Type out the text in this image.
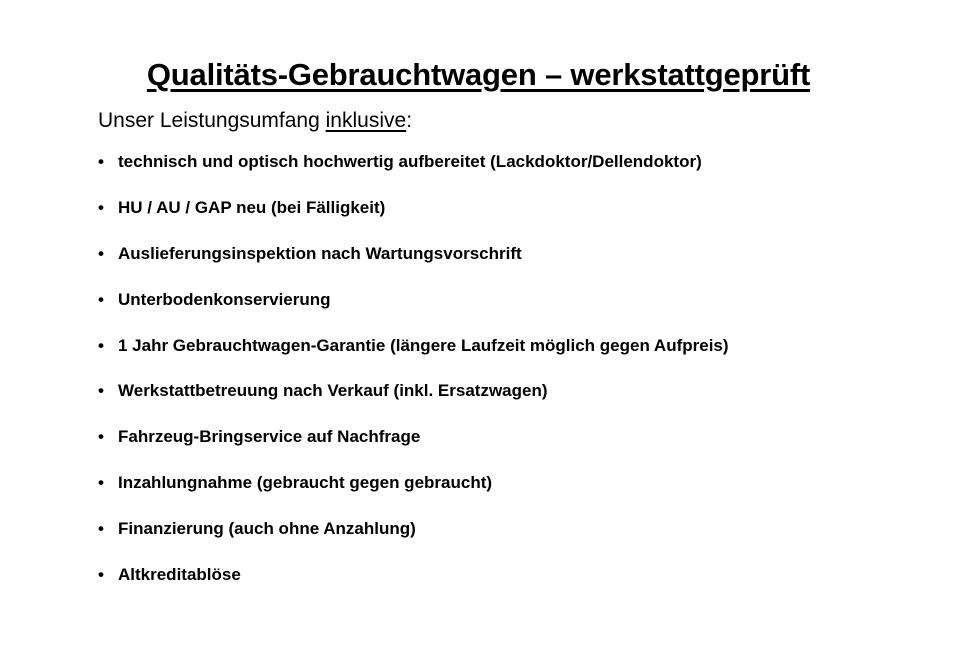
Qualitäts-Gebrauchtwagen – werkstattgeprüft
Unser Leistungsumfang inklusive:
• technisch und optisch hochwertig aufbereitet (Lackdoktor/Dellendoktor)
• HU / AU / GAP neu (bei Fälligkeit)
• Auslieferungsinspektion nach Wartungsvorschrift
• Unterbodenkonservierung
• 1 Jahr Gebrauchtwagen-Garantie (längere Laufzeit möglich gegen Aufpreis)
• Werkstattbetreuung nach Verkauf (inkl. Ersatzwagen)
• Fahrzeug-Bringservice auf Nachfrage
• Inzahlungnahme (gebraucht gegen gebraucht)
• Finanzierung (auch ohne Anzahlung)
• Altkreditablöse
